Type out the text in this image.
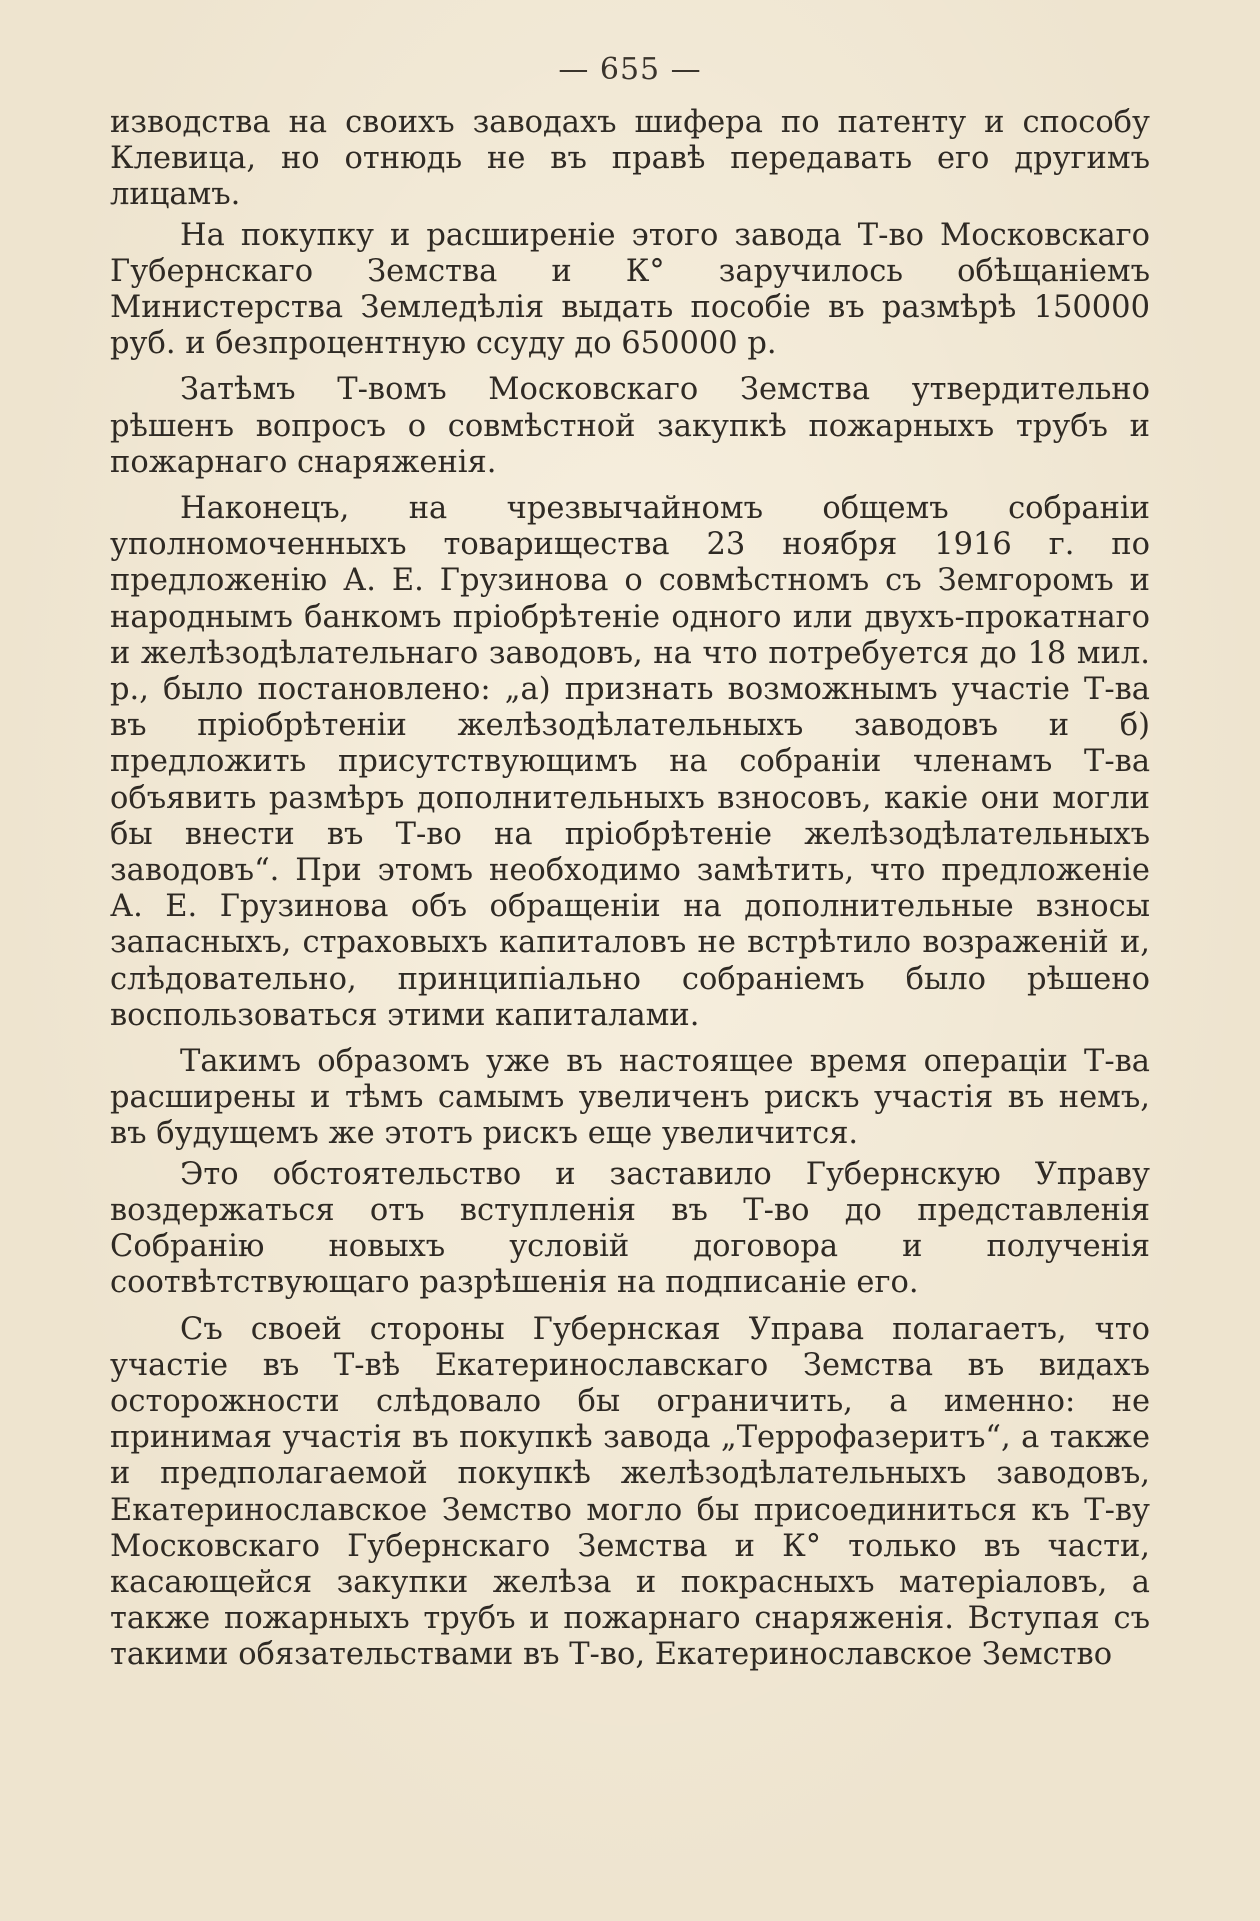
— 655 —

изводства на своихъ заводахъ шифера по патенту и способу Клевица, но отнюдь не въ правѣ передавать его другимъ лицамъ.

На покупку и расширеніе этого завода Т-во Московскаго Губернскаго Земства и К° заручилось обѣщаніемъ Министерства Земледѣлія выдать пособіе въ размѣрѣ 150000 руб. и безпроцентную ссуду до 650000 р.

Затѣмъ Т-вомъ Московскаго Земства утвердительно рѣшенъ вопросъ о совмѣстной закупкѣ пожарныхъ трубъ и пожарнаго снаряженія.

Наконецъ, на чрезвычайномъ общемъ собраніи уполномоченныхъ товарищества 23 ноября 1916 г. по предложенію А. Е. Грузинова о совмѣстномъ съ Земгоромъ и народнымъ банкомъ пріобрѣтеніе одного или двухъ-прокатнаго и желѣзодѣлательнаго заводовъ, на что потребуется до 18 мил. р., было постановлено: „а) признать возможнымъ участіе Т-ва въ пріобрѣтеніи желѣзодѣлательныхъ заводовъ и б) предложить присутствующимъ на собраніи членамъ Т-ва объявить размѣръ дополнительныхъ взносовъ, какіе они могли бы внести въ Т-во на пріобрѣтеніе желѣзодѣлательныхъ заводовъ“. При этомъ необходимо замѣтить, что предложеніе А. Е. Грузинова объ обращеніи на дополнительные взносы запасныхъ, страховыхъ капиталовъ не встрѣтило возраженій и, слѣдовательно, принципіально собраніемъ было рѣшено воспользоваться этими капиталами.

Такимъ образомъ уже въ настоящее время операціи Т-ва расширены и тѣмъ самымъ увеличенъ рискъ участія въ немъ, въ будущемъ же этотъ рискъ еще увеличится.

Это обстоятельство и заставило Губернскую Управу воздержаться отъ вступленія въ Т-во до представленія Собранію новыхъ условій договора и полученія соотвѣтствующаго разрѣшенія на подписаніе его.

Съ своей стороны Губернская Управа полагаетъ, что участіе въ Т-вѣ Екатеринославскаго Земства въ видахъ осторожности слѣдовало бы ограничить, а именно: не принимая участія въ покупкѣ завода „Террофазеритъ“, а также и предполагаемой покупкѣ желѣзодѣлательныхъ заводовъ, Екатеринославское Земство могло бы присоединиться къ Т-ву Московскаго Губернскаго Земства и К° только въ части, касающейся закупки желѣза и покрасныхъ матеріаловъ, а также пожарныхъ трубъ и пожарнаго снаряженія. Вступая съ такими обязательствами въ Т-во, Екатеринославское Земство
